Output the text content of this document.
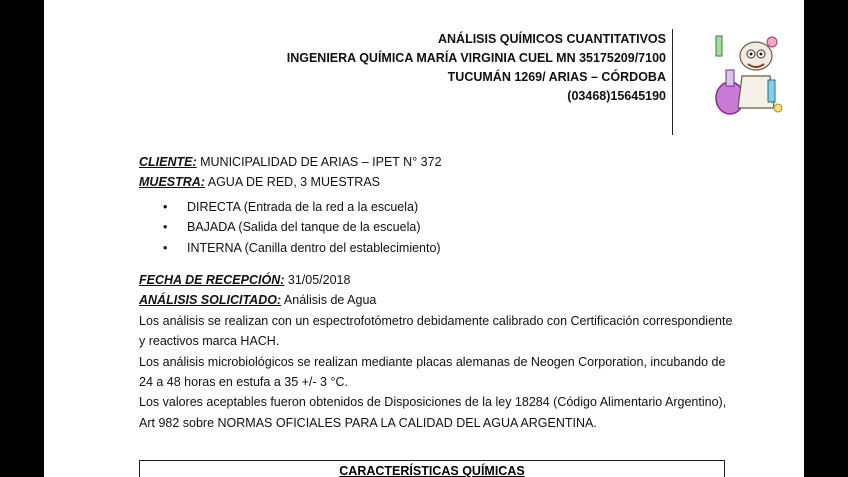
ANÁLISIS QUÍMICOS CUANTITATIVOS
INGENIERA QUÍMICA MARÍA VIRGINIA CUEL MN 35175209/7100
TUCUMÁN 1269/ ARIAS – CÓRDOBA
(03468)15645190

CLIENTE: MUNICIPALIDAD DE ARIAS – IPET N° 372

MUESTRA: AGUA DE RED, 3 MUESTRAS

• DIRECTA (Entrada de la red a la escuela)
• BAJADA (Salida del tanque de la escuela)
• INTERNA (Canilla dentro del establecimiento)

FECHA DE RECEPCIÓN: 31/05/2018

ANÁLISIS SOLICITADO: Análisis de Agua

Los análisis se realizan con un espectrofotómetro debidamente calibrado con Certificación correspondiente y reactivos marca HACH.

Los análisis microbiológicos se realizan mediante placas alemanas de Neogen Corporation, incubando de 24 a 48 horas en estufa a 35 +/- 3 °C.

Los valores aceptables fueron obtenidos de Disposiciones de la ley 18284 (Código Alimentario Argentino), Art 982 sobre NORMAS OFICIALES PARA LA CALIDAD DEL AGUA ARGENTINA.

CARACTERÍSTICAS QUÍMICAS
